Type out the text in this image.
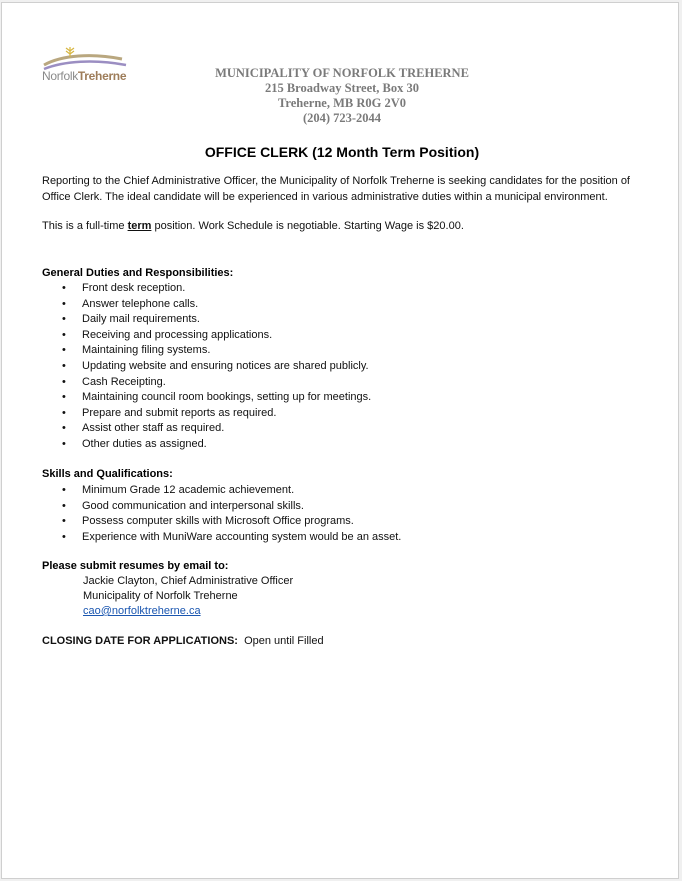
NorfolkTreherne	MUNICIPALITY OF NORFOLK TREHERNE
215 Broadway Street, Box 30
Treherne, MB R0G 2V0
(204) 723-2044
OFFICE CLERK (12 Month Term Position)
Reporting to the Chief Administrative Officer, the Municipality of Norfolk Treherne is seeking candidates for the position of Office Clerk. The ideal candidate will be experienced in various administrative duties within a municipal environment.
This is a full-time term position. Work Schedule is negotiable. Starting Wage is $20.00.
General Duties and Responsibilities:
• Front desk reception.
• Answer telephone calls.
• Daily mail requirements.
• Receiving and processing applications.
• Maintaining filing systems.
• Updating website and ensuring notices are shared publicly.
• Cash Receipting.
• Maintaining council room bookings, setting up for meetings.
• Prepare and submit reports as required.
• Assist other staff as required.
• Other duties as assigned.
Skills and Qualifications:
• Minimum Grade 12 academic achievement.
• Good communication and interpersonal skills.
• Possess computer skills with Microsoft Office programs.
• Experience with MuniWare accounting system would be an asset.
Please submit resumes by email to:
Jackie Clayton, Chief Administrative Officer
Municipality of Norfolk Treherne
cao@norfolktreherne.ca
CLOSING DATE FOR APPLICATIONS: Open until Filled
